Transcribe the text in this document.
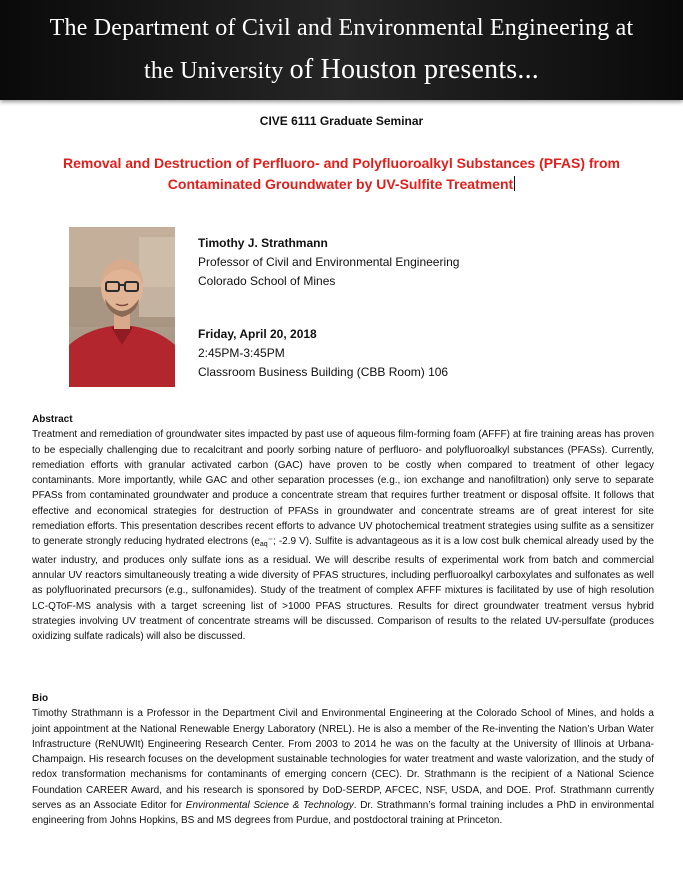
The Department of Civil and Environmental Engineering at
the University of Houston presents...
CIVE 6111 Graduate Seminar
Removal and Destruction of Perfluoro- and Polyfluoroalkyl Substances (PFAS) from
Contaminated Groundwater by UV-Sulfite Treatment
Timothy J. Strathmann
Professor of Civil and Environmental Engineering
Colorado School of Mines
Friday, April 20, 2018
2:45PM-3:45PM
Classroom Business Building (CBB Room) 106
Abstract
Treatment and remediation of groundwater sites impacted by past use of aqueous film-forming foam (AFFF) at fire training areas has proven to be especially challenging due to recalcitrant and poorly sorbing nature of perfluoro- and polyfluoroalkyl substances (PFASs). Currently, remediation efforts with granular activated carbon (GAC) have proven to be costly when compared to treatment of other legacy contaminants. More importantly, while GAC and other separation processes (e.g., ion exchange and nanofiltration) only serve to separate PFASs from contaminated groundwater and produce a concentrate stream that requires further treatment or disposal offsite. It follows that effective and economical strategies for destruction of PFASs in groundwater and concentrate streams are of great interest for site remediation efforts. This presentation describes recent efforts to advance UV photochemical treatment strategies using sulfite as a sensitizer to generate strongly reducing hydrated electrons ($e_{aq}^-$; -2.9 V). Sulfite is advantageous as it is a low cost bulk chemical already used by the water industry, and produces only sulfate ions as a residual. We will describe results of experimental work from batch and commercial annular UV reactors simultaneously treating a wide diversity of PFAS structures, including perfluoroalkyl carboxylates and sulfonates as well as polyfluorinated precursors (e.g., sulfonamides). Study of the treatment of complex AFFF mixtures is facilitated by use of high resolution LC-QToF-MS analysis with a target screening list of >1000 PFAS structures. Results for direct groundwater treatment versus hybrid strategies involving UV treatment of concentrate streams will be discussed. Comparison of results to the related UV-persulfate (produces oxidizing sulfate radicals) will also be discussed.
Bio
Timothy Strathmann is a Professor in the Department Civil and Environmental Engineering at the Colorado School of Mines, and holds a joint appointment at the National Renewable Energy Laboratory (NREL). He is also a member of the Re-inventing the Nation’s Urban Water Infrastructure (ReNUWIt) Engineering Research Center. From 2003 to 2014 he was on the faculty at the University of Illinois at Urbana-Champaign. His research focuses on the development sustainable technologies for water treatment and waste valorization, and the study of redox transformation mechanisms for contaminants of emerging concern (CEC). Dr. Strathmann is the recipient of a National Science Foundation CAREER Award, and his research is sponsored by DoD-SERDP, AFCEC, NSF, USDA, and DOE. Prof. Strathmann currently serves as an Associate Editor for Environmental Science & Technology. Dr. Strathmann’s formal training includes a PhD in environmental engineering from Johns Hopkins, BS and MS degrees from Purdue, and postdoctoral training at Princeton.
